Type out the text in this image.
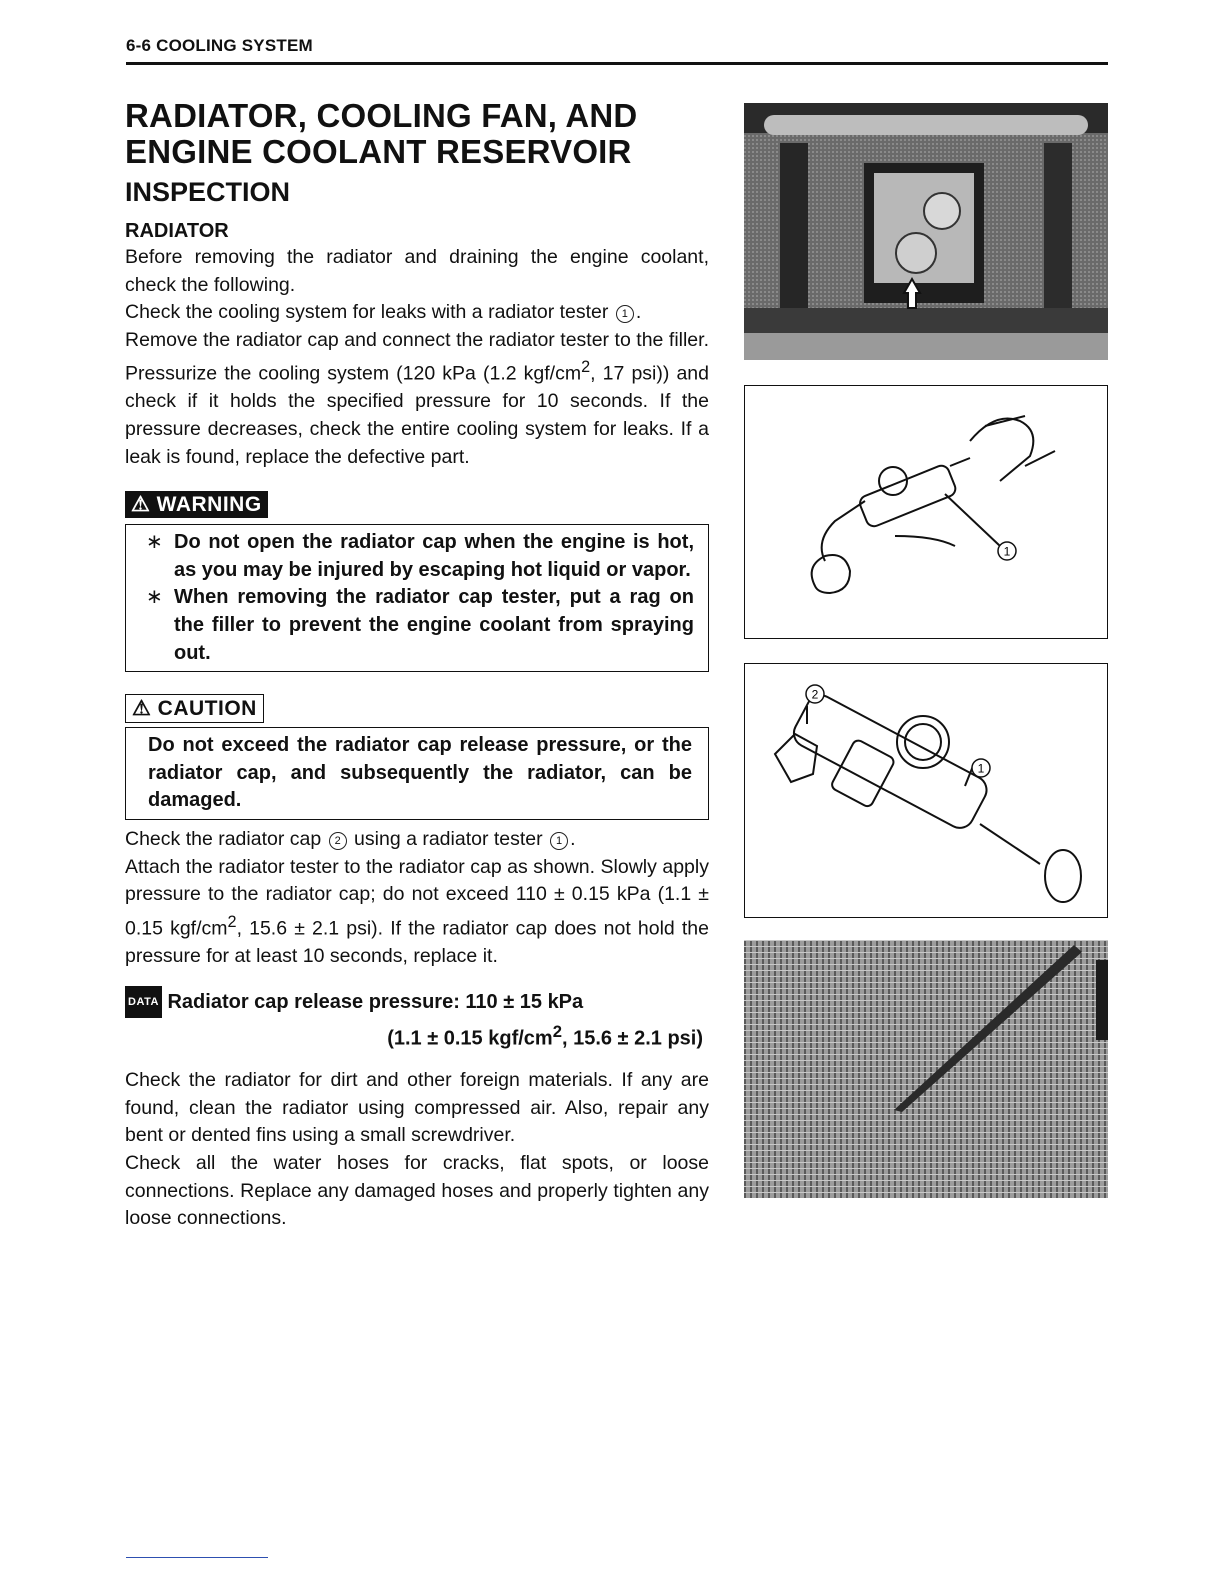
6-6 COOLING SYSTEM
RADIATOR, COOLING FAN, AND
ENGINE COOLANT RESERVOIR
INSPECTION
RADIATOR

Before removing the radiator and draining the engine coolant, check the following.

Check the cooling system for leaks with a radiator tester 1 .

Remove the radiator cap and connect the radiator tester to the filler. Pressurize the cooling system (120 kPa (1.2 kgf/$cm^2$, 17 psi)) and check if it holds the specified pressure for 10 seconds. If the pressure decreases, check the entire cooling system for leaks. If a leak is found, replace the defective part.

⚠ WARNING
∗ Do not open the radiator cap when the engine is hot, as you may be injured by escaping hot liquid or vapor.
∗ When removing the radiator cap tester, put a rag on the filler to prevent the engine coolant from spraying out.
⚠ CAUTION
Do not exceed the radiator cap release pressure, or the radiator cap, and subsequently the radiator, can be damaged.

Check the radiator cap 2 using a radiator tester 1 .

Attach the radiator tester to the radiator cap as shown. Slowly apply pressure to the radiator cap; do not exceed 110 ± 0.15 kPa (1.1 ± 0.15 kgf/$cm^2$, 15.6 ± 2.1 psi). If the radiator cap does not hold the pressure for at least 10 seconds, replace it.

DATA Radiator cap release pressure: 110 ± 15 kPa
(1.1 ± 0.15 kgf/$cm^2$, 15.6 ± 2.1 psi)

Check the radiator for dirt and other foreign materials. If any are found, clean the radiator using compressed air. Also, repair any bent or dented fins using a small screwdriver.

Check all the water hoses for cracks, flat spots, or loose connections. Replace any damaged hoses and properly tighten any loose connections.

1
2
1
